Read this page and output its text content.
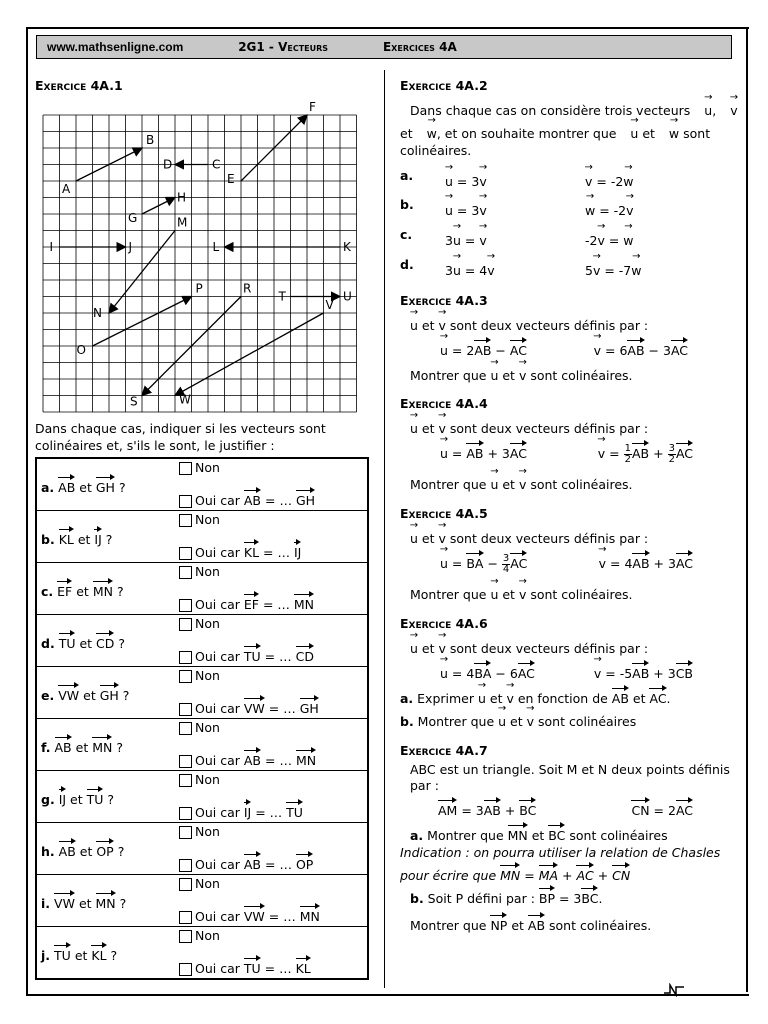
www.mathsenligne.com	2G1 - Vecteurs	Exercices 4A
Exercice 4A.1
A
B
C
D
E
F
G
H
I	J	K
L
M
N
O
P	R
S
T	U
V
W

Dans chaque cas, indiquer si les vecteurs sont colinéaires et, s'ils le sont, le justifier :

a. AB et GH ?	Non
Oui car AB = … GH

b. KL et IJ ?	Non
Oui car KL = … IJ

c. EF et MN ?	Non
Oui car EF = … MN

d. TU et CD ?	Non
Oui car TU = … CD

e. VW et GH ?	Non
Oui car VW = … GH

f. AB et MN ?	Non
Oui car AB = … MN

g. IJ et TU ?	Non
Oui car IJ = … TU

h. AB et OP ?	Non
Oui car AB = … OP

i. VW et MN ?	Non
Oui car VW = … MN

j. TU et KL ?	Non
Oui car TU = … KL
Exercice 4A.2

Dans chaque cas on considère trois vecteurs → u, → v et → w, et on souhaite montrer que → u et → w sont colinéaires.

a.	→ u = 3→ v	→ v = -2→ w
b.	→ u = 3→ v	→ w = -2→ v
c.	3→ u = → v	-2→ v = → w
d.	3→ u = 4→ v	5→ v = -7→ w
Exercice 4A.3

→ u et → v sont deux vecteurs définis par :

→ u = 2AB − AC	→ v = 6AB − 3AC

Montrer que → u et → v sont colinéaires.

Exercice 4A.4

→ u et → v sont deux vecteurs définis par :

→ u = AB + 3AC	→ $v = \frac{1}{2}$ AB + $\frac{3}{2}$ AC

Montrer que → u et → v sont colinéaires.

Exercice 4A.5

→ u et → v sont deux vecteurs définis par :

→ u = BA − $\frac{3}{4}$ AC	→ v = 4AB + 3AC

Montrer que → u et → v sont colinéaires.

Exercice 4A.6

→ u et → v sont deux vecteurs définis par :

→ u = 4BA − 6AC	→ v = -5AB + 3CB

a. Exprimer → u et → v en fonction de AB et AC.

b. Montrer que → u et → v sont colinéaires

Exercice 4A.7

ABC est un triangle. Soit M et N deux points définis par :

AM = 3AB + BC	CN = 2AC

a. Montrer que MN et BC sont colinéaires

Indication : on pourra utiliser la relation de Chasles pour écrire que MN = MA + AC + CN

b. Soit P défini par : BP = 3BC.

Montrer que NP et AB sont colinéaires.
